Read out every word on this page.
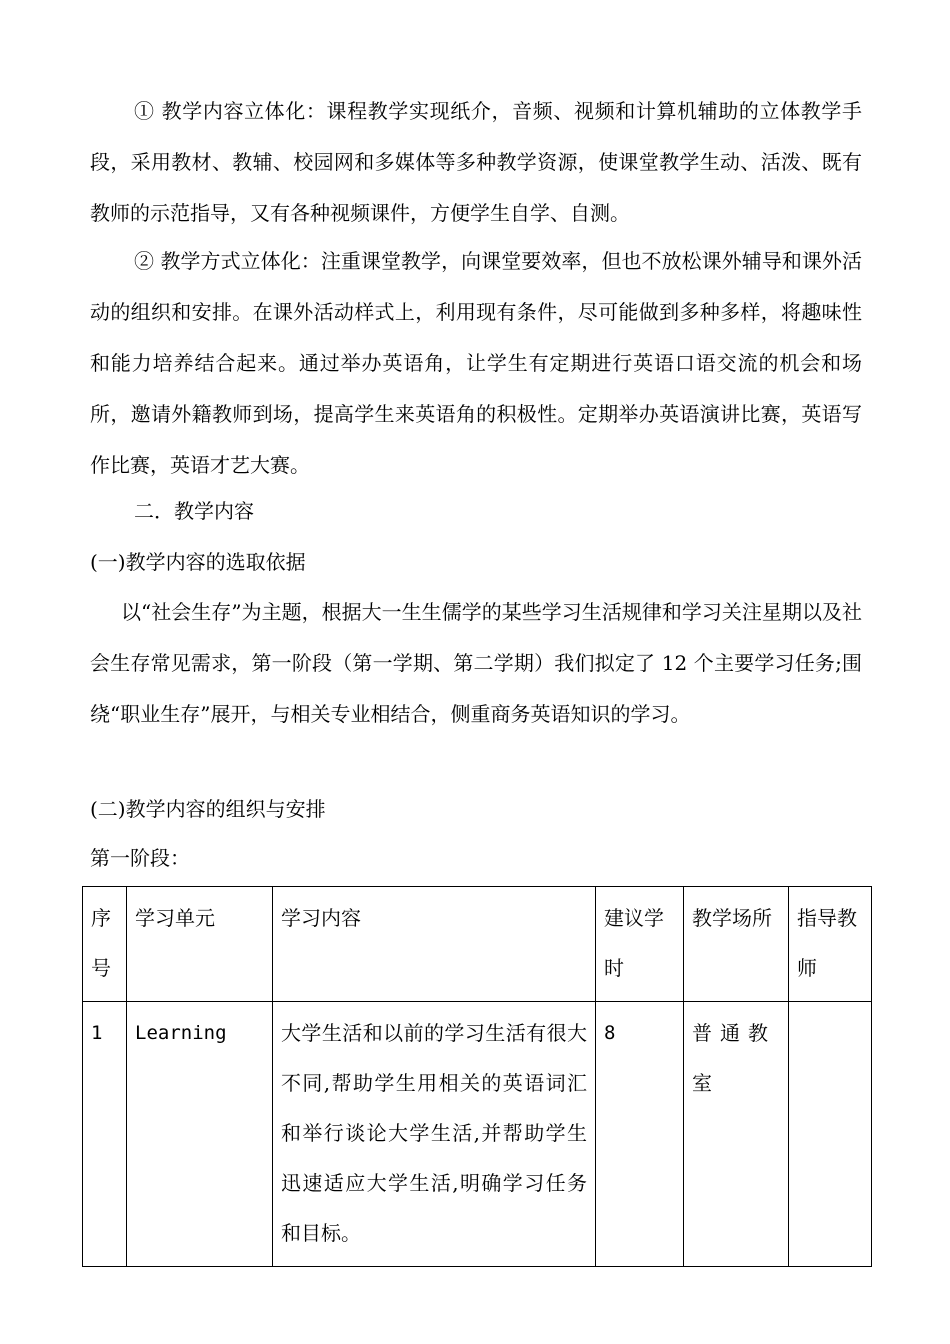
① 教学内容立体化：课程教学实现纸介，音频、视频和计算机辅助的立体教学手段，采用教材、教辅、校园网和多媒体等多种教学资源，使课堂教学生动、活泼、既有教师的示范指导，又有各种视频课件，方便学生自学、自测。

② 教学方式立体化：注重课堂教学，向课堂要效率，但也不放松课外辅导和课外活动的组织和安排。在课外活动样式上，利用现有条件，尽可能做到多种多样，将趣味性和能力培养结合起来。通过举办英语角，让学生有定期进行英语口语交流的机会和场所，邀请外籍教师到场，提高学生来英语角的积极性。定期举办英语演讲比赛，英语写作比赛，英语才艺大赛。

二．教学内容

(一)教学内容的选取依据

以“社会生存”为主题，根据大一生生儒学的某些学习生活规律和学习关注星期以及社会生存常见需求，第一阶段（第一学期、第二学期）我们拟定了 12 个主要学习任务;围绕“职业生存”展开，与相关专业相结合，侧重商务英语知识的学习。

(二)教学内容的组织与安排

第一阶段：

序号	学习单元	学习内容	建议学时	教学场所	指导教师
1	Learning	大学生活和以前的学习生活有很大不同,帮助学生用相关的英语词汇和举行谈论大学生活,并帮助学生迅速适应大学生活,明确学习任务和目标。	8	普通教室	
